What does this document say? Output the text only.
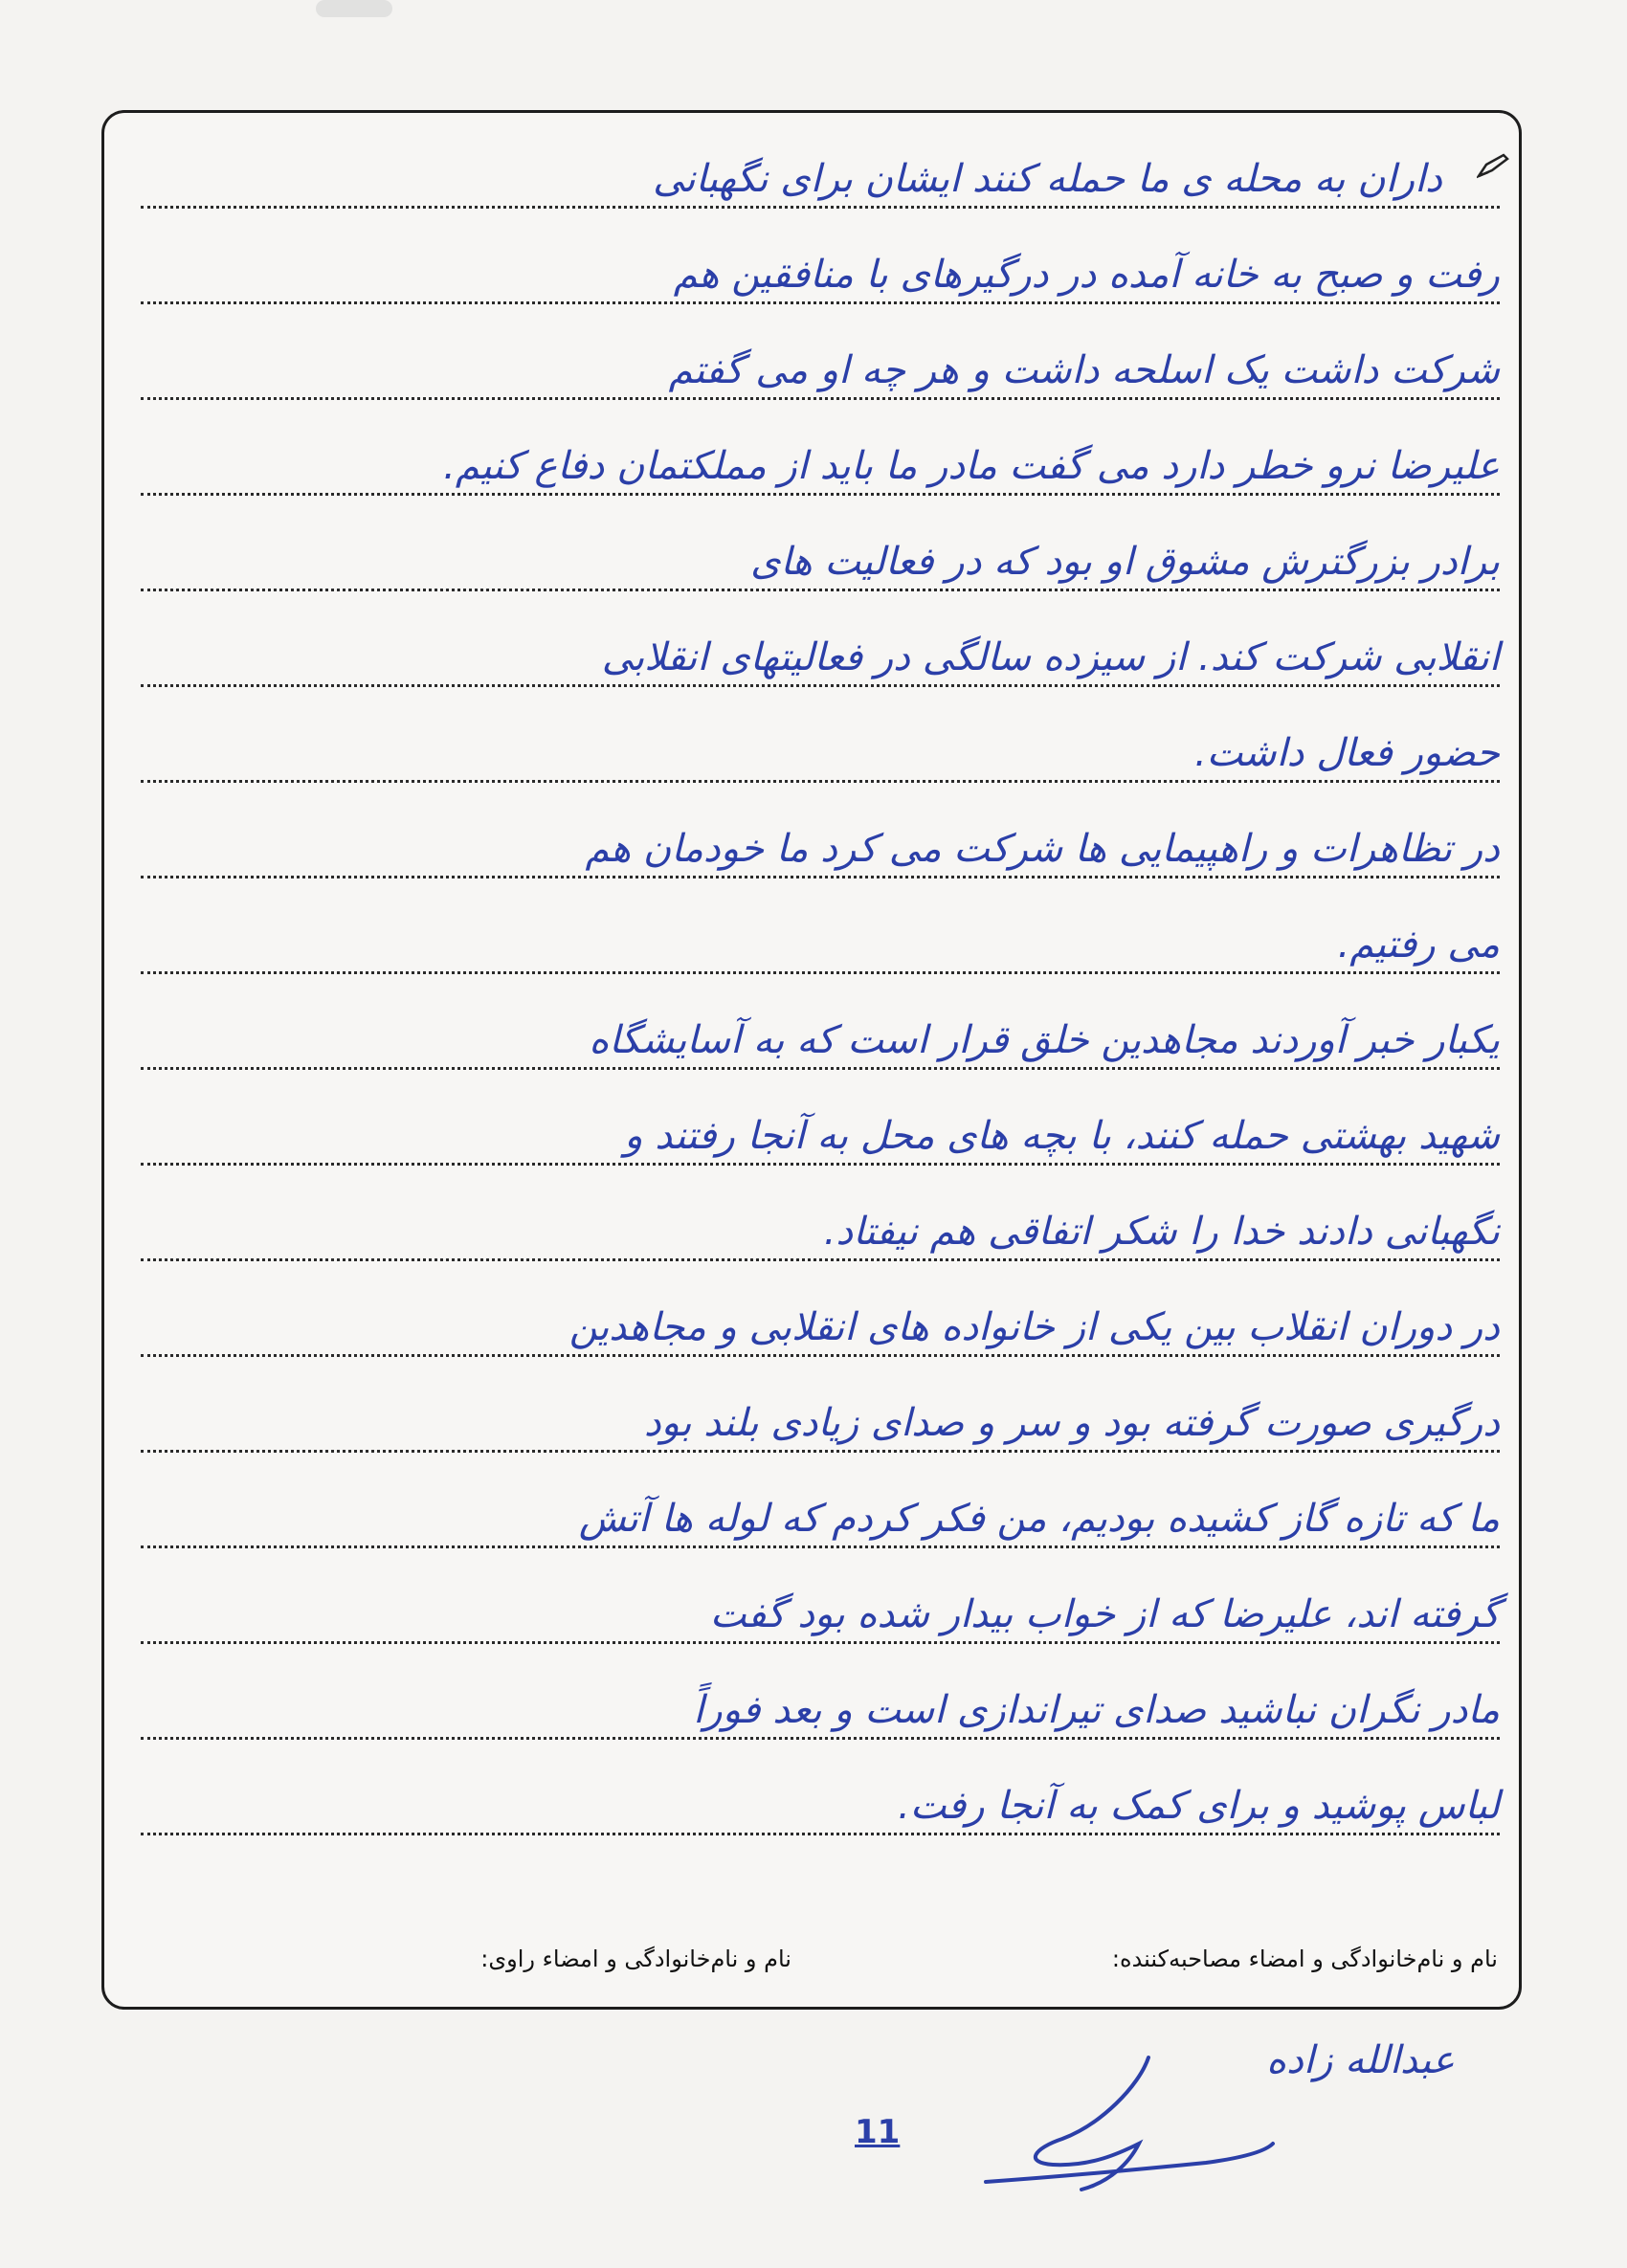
داران به محله ی ما حمله کنند ایشان برای نگهبانی
رفت و صبح به خانه آمده در درگیرهای با منافقین هم
شرکت داشت یک اسلحه داشت و هر چه او می گفتم
علیرضا نرو خطر دارد می گفت مادر ما باید از مملکتمان دفاع کنیم.
برادر بزرگترش مشوق او بود که در فعالیت های
انقلابی شرکت کند. از سیزده سالگی در فعالیتهای انقلابی
حضور فعال داشت.
در تظاهرات و راهپیمایی ها شرکت می کرد ما خودمان هم
می رفتیم.
یکبار خبر آوردند مجاهدین خلق قرار است که به آسایشگاه
شهید بهشتی حمله کنند، با بچه های محل به آنجا رفتند و
نگهبانی دادند خدا را شکر اتفاقی هم نیفتاد.
در دوران انقلاب بین یکی از خانواده های انقلابی و مجاهدین
درگیری صورت گرفته بود و سر و صدای زیادی بلند بود
ما که تازه گاز کشیده بودیم، من فکر کردم که لوله ها آتش
گرفته اند، علیرضا که از خواب بیدار شده بود گفت
مادر نگران نباشید صدای تیراندازی است و بعد فوراً
لباس پوشید و برای کمک به آنجا رفت.
نام و نام‌خانوادگی و امضاء مصاحبه‌کننده:
نام و نام‌خانوادگی و امضاء راوی:
عبدالله زاده
11
